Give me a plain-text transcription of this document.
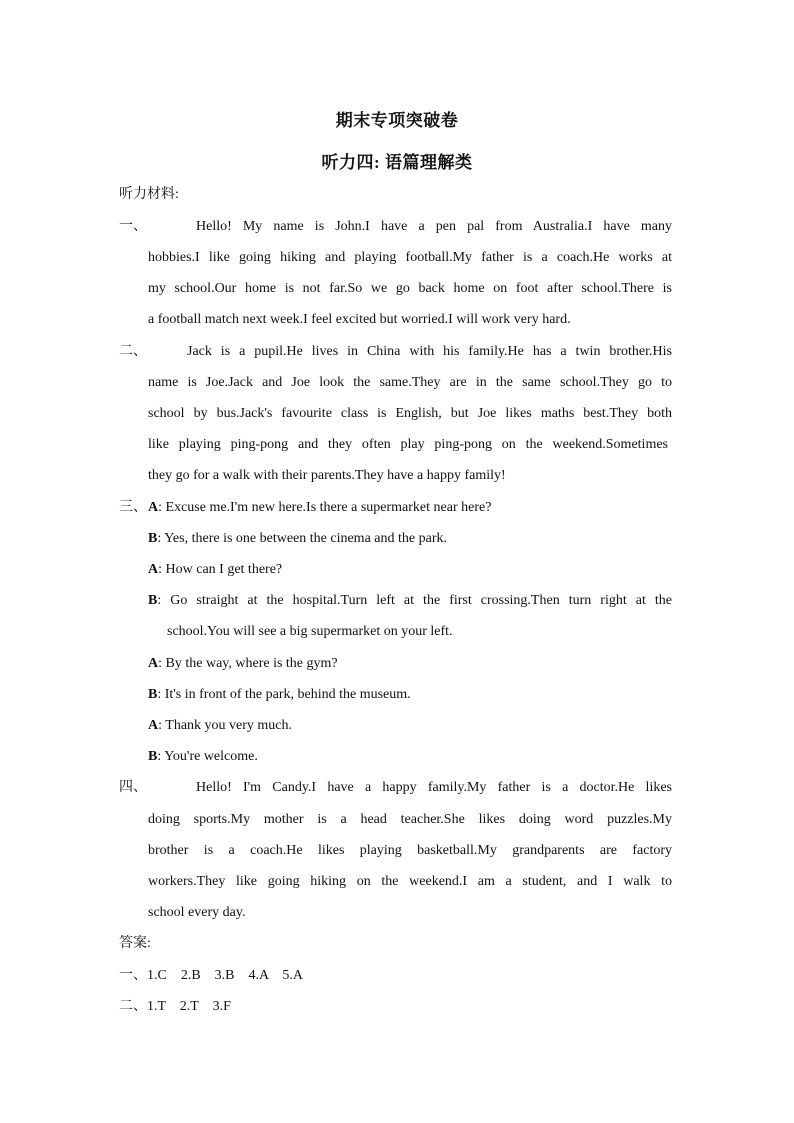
期末专项突破卷
听力四: 语篇理解类
听力材料:
一、	Hello! My name is John.I have a pen pal from Australia.I have many
hobbies.I like going hiking and playing football.My father is a coach.He works at
my school.Our home is not far.So we go back home on foot after school.There is
a football match next week.I feel excited but worried.I will work very hard.
二、	Jack is a pupil.He lives in China with his family.He has a twin brother.His
name is Joe.Jack and Joe look the same.They are in the same school.They go to
school by bus.Jack's favourite class is English, but Joe likes maths best.They both
like playing ping-pong and they often play ping-pong on the weekend.Sometimes
they go for a walk with their parents.They have a happy family!
三、 A: Excuse me.I'm new here.Is there a supermarket near here?
B: Yes, there is one between the cinema and the park.
A: How can I get there?
B: Go straight at the hospital.Turn left at the first crossing.Then turn right at the
school.You will see a big supermarket on your left.
A: By the way, where is the gym?
B: It's in front of the park, behind the museum.
A: Thank you very much.
B: You're welcome.
四、	Hello! I'm Candy.I have a happy family.My father is a doctor.He likes
doing sports.My mother is a head teacher.She likes doing word puzzles.My
brother is a coach.He likes playing basketball.My grandparents are factory
workers.They like going hiking on the weekend.I am a student, and I walk to
school every day.
答案:
一、1.C    2.B    3.B    4.A    5.A
二、1.T    2.T    3.F
